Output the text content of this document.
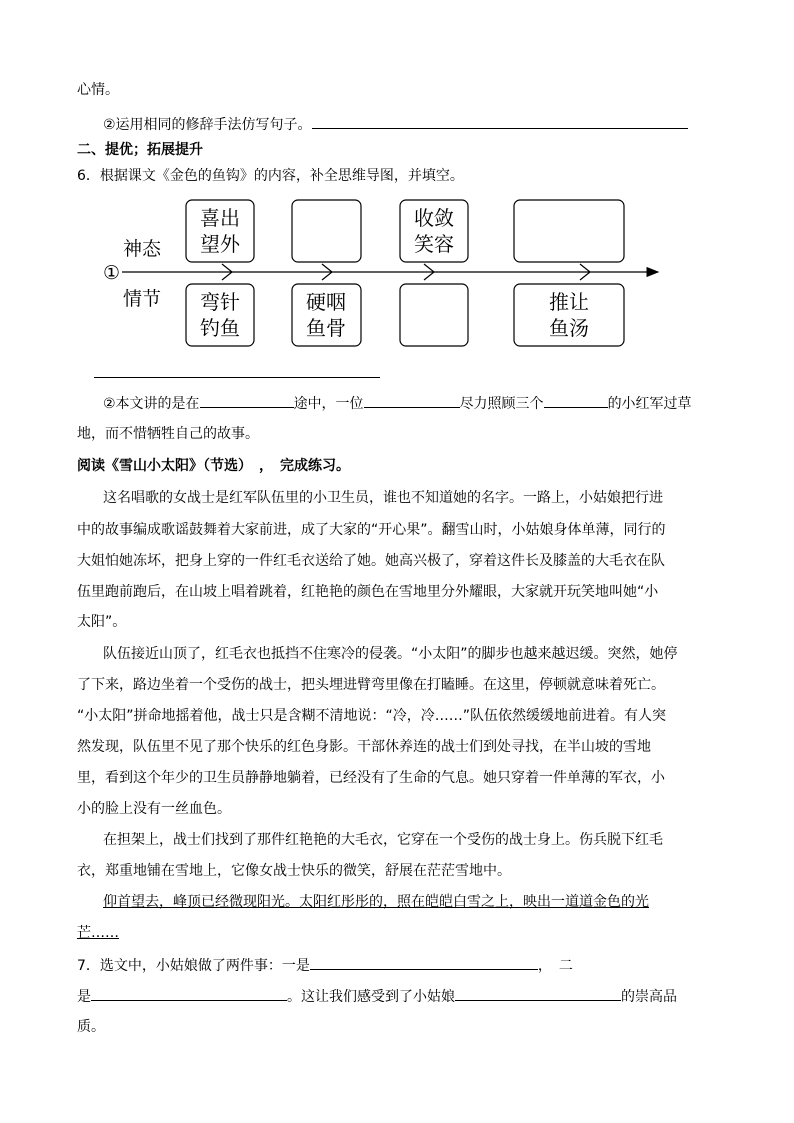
心情。
②运用相同的修辞手法仿写句子。
二、提优；拓展提升
6．根据课文《金色的鱼钩》的内容，补全思维导图，并填空。
①
神态
情节
喜出
望外
收敛
笑容
弯针
钓鱼
硬咽
鱼骨
推让
鱼汤
②本文讲的是在	途中，一位	尽力照顾三个	的小红军过草
地，而不惜牺牲自己的故事。
阅读《雪山小太阳》（节选）　，　完成练习。
这名唱歌的女战士是红军队伍里的小卫生员，谁也不知道她的名字。一路上，小姑娘把行进
中的故事编成歌谣鼓舞着大家前进，成了大家的“开心果”。翻雪山时，小姑娘身体单薄，同行的
大姐怕她冻坏，把身上穿的一件红毛衣送给了她。她高兴极了，穿着这件长及膝盖的大毛衣在队
伍里跑前跑后，在山坡上唱着跳着，红艳艳的颜色在雪地里分外耀眼，大家就开玩笑地叫她“小
太阳”。
队伍接近山顶了，红毛衣也抵挡不住寒冷的侵袭。“小太阳”的脚步也越来越迟缓。突然，她停
了下来，路边坐着一个受伤的战士，把头埋进臂弯里像在打瞌睡。在这里，停顿就意味着死亡。
“小太阳”拼命地摇着他，战士只是含糊不清地说：“冷，冷……”队伍依然缓缓地前进着。有人突
然发现，队伍里不见了那个快乐的红色身影。干部休养连的战士们到处寻找，在半山坡的雪地
里，看到这个年少的卫生员静静地躺着，已经没有了生命的气息。她只穿着一件单薄的军衣，小
小的脸上没有一丝血色。
在担架上，战士们找到了那件红艳艳的大毛衣，它穿在一个受伤的战士身上。伤兵脱下红毛
衣，郑重地铺在雪地上，它像女战士快乐的微笑，舒展在茫茫雪地中。
仰首望去，峰顶已经微现阳光。太阳红彤彤的，照在皑皑白雪之上，映出一道道金色的光
芒……
7．选文中，小姑娘做了两件事：一是	，　二
是	。这让我们感受到了小姑娘	的崇高品
质。
